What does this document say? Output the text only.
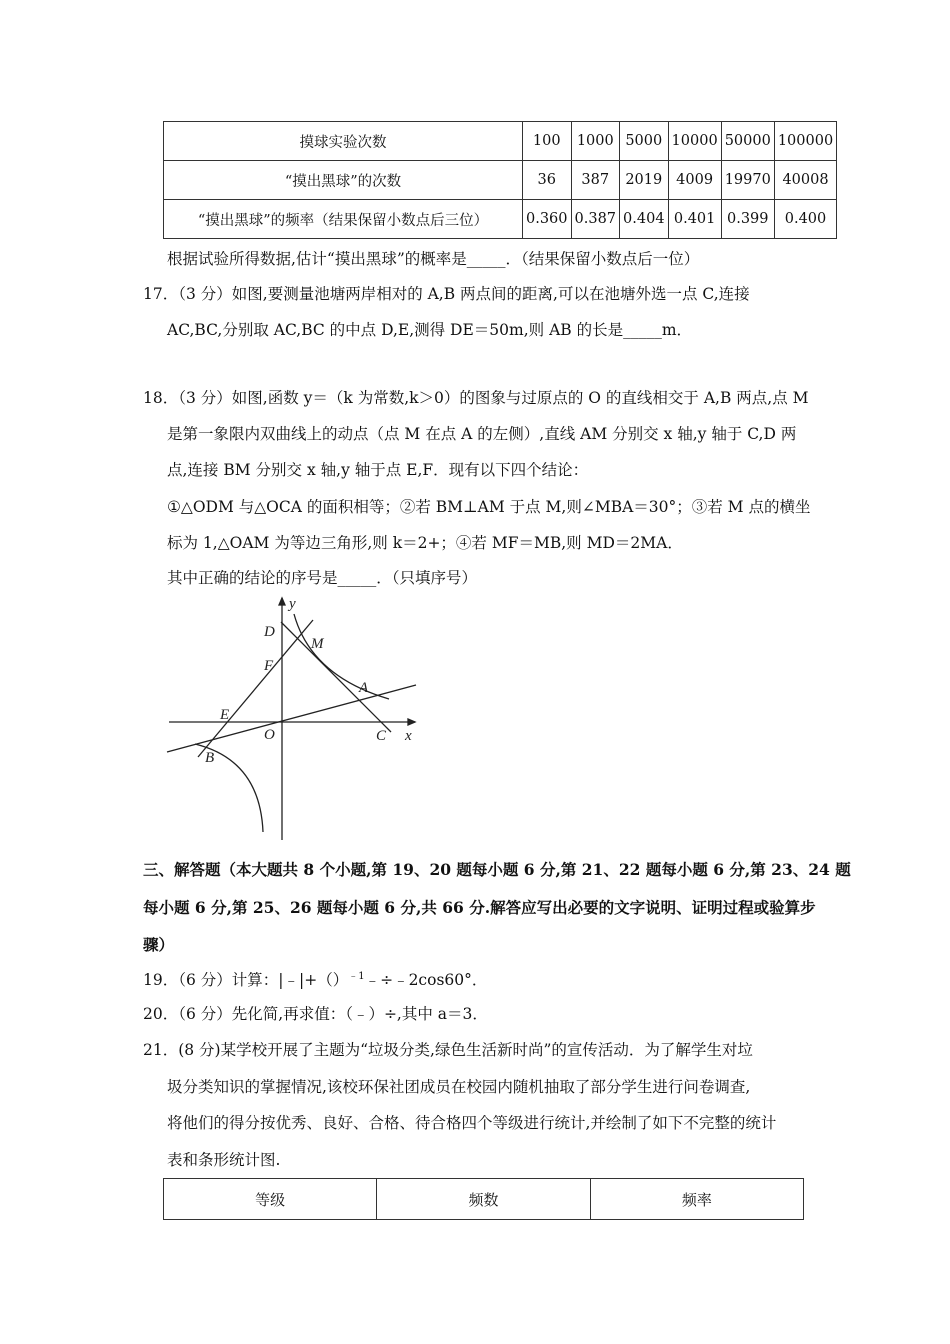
摸球实验次数	100	1000	5000	10000	50000	100000
“摸出黑球”的次数	36	387	2019	4009	19970	40008
“摸出黑球”的频率（结果保留小数点后三位）	0.360	0.387	0.404	0.401	0.399	0.400
根据试验所得数据,估计“摸出黑球”的概率是_____．（结果保留小数点后一位）
17．（3 分）如图,要测量池塘两岸相对的 A,B 两点间的距离,可以在池塘外选一点 C,连接
AC,BC,分别取 AC,BC 的中点 D,E,测得 DE＝50m,则 AB 的长是_____m．
18．（3 分）如图,函数 y＝（k 为常数,k＞0）的图象与过原点的 O 的直线相交于 A,B 两点,点 M
是第一象限内双曲线上的动点（点 M 在点 A 的左侧）,直线 AM 分别交 x 轴,y 轴于 C,D 两
点,连接 BM 分别交 x 轴,y 轴于点 E,F．现有以下四个结论：
①△ODM 与△OCA 的面积相等；②若 BM⊥AM 于点 M,则∠MBA＝30°；③若 M 点的横坐
标为 1,△OAM 为等边三角形,则 k＝2+；④若 MF＝MB,则 MD＝2MA．
其中正确的结论的序号是_____．（只填序号）
y
x
D
M
F
A
E
O	C
B
三、解答题（本大题共 8 个小题,第 19、20 题每小题 6 分,第 21、22 题每小题 6 分,第 23、24 题
每小题 6 分,第 25、26 题每小题 6 分,共 66 分.解答应写出必要的文字说明、证明过程或验算步
骤）
19．（6 分）计算：|﹣|+（）$^{﹣1}$﹣÷﹣2cos60°．
20．（6 分）先化简,再求值：（﹣）÷,其中 a＝3．
21．(8 分)某学校开展了主题为“垃圾分类,绿色生活新时尚”的宣传活动．为了解学生对垃
圾分类知识的掌握情况,该校环保社团成员在校园内随机抽取了部分学生进行问卷调查,
将他们的得分按优秀、良好、合格、待合格四个等级进行统计,并绘制了如下不完整的统计
表和条形统计图.
等级	频数	频率
